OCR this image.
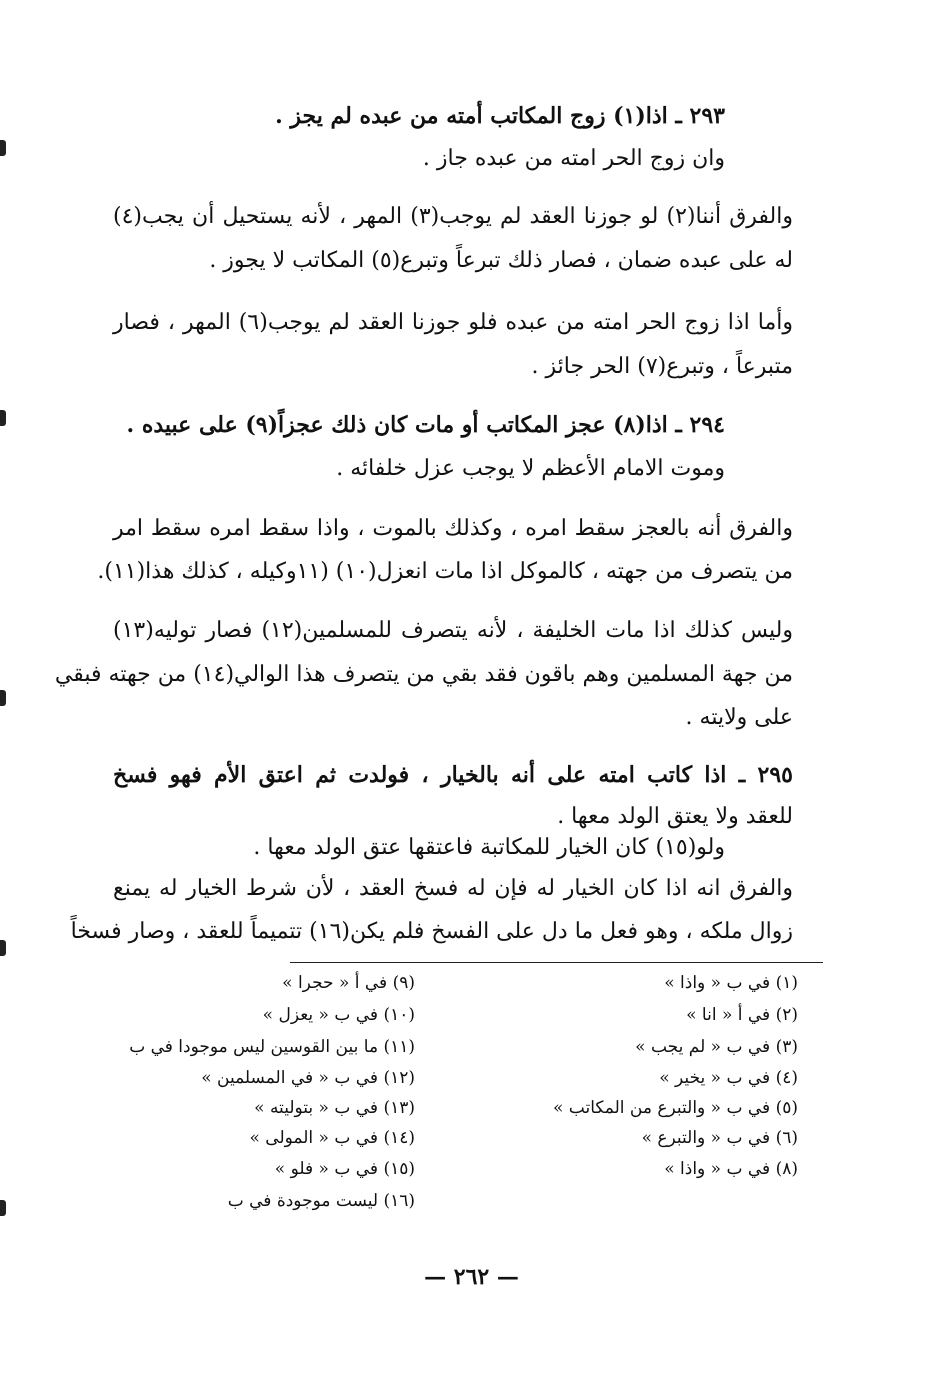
٢٩٣ ـ اذا(١) زوج المكاتب أمته من عبده لم يجز .
وان زوج الحر امته من عبده جاز .
والفرق أننا(٢) لو جوزنا العقد لم يوجب(٣) المهر ، لأنه يستحيل أن يجب(٤)
له على عبده ضمان ، فصار ذلك تبرعاً وتبرع(٥) المكاتب لا يجوز .
وأما اذا زوج الحر امته من عبده فلو جوزنا العقد لم يوجب(٦) المهر ، فصار
متبرعاً ، وتبرع(٧) الحر جائز .
٢٩٤ ـ اذا(٨) عجز المكاتب أو مات كان ذلك عجزاً(٩) على عبيده .
وموت الامام الأعظم لا يوجب عزل خلفائه .
والفرق أنه بالعجز سقط امره ، وكذلك بالموت ، واذا سقط امره سقط امر
من يتصرف من جهته ، كالموكل اذا مات انعزل(١٠) (١١وكيله ، كذلك هذا(١١).
وليس كذلك اذا مات الخليفة ، لأنه يتصرف للمسلمين(١٢) فصار توليه(١٣)
من جهة المسلمين وهم باقون فقد بقي من يتصرف هذا الوالي(١٤) من جهته فبقي
على ولايته .
٢٩٥ ـ اذا كاتب امته على أنه بالخيار ، فولدت ثم اعتق الأم فهو فسخ
للعقد ولا يعتق الولد معها .
ولو(١٥) كان الخيار للمكاتبة فاعتقها عتق الولد معها .
والفرق انه اذا كان الخيار له فإن له فسخ العقد ، لأن شرط الخيار له يمنع
زوال ملكه ، وهو فعل ما دل على الفسخ فلم يكن(١٦) تتميماً للعقد ، وصار فسخاً
(١) في ب « واذا »
(٢) في أ « انا »
(٣) في ب « لم يجب »
(٤) في ب « يخير »
(٥) في ب « والتبرع من المكاتب »
(٦) في ب « والتبرع »
(٨) في ب « واذا »
(٩) في أ « حجرا »
(١٠) في ب « يعزل »
(١١) ما بين القوسين ليس موجودا في ب
(١٢) في ب « في المسلمين »
(١٣) في ب « بتوليته »
(١٤) في ب « المولى »
(١٥) في ب « فلو »
(١٦) ليست موجودة في ب
— ٢٦٢ —
